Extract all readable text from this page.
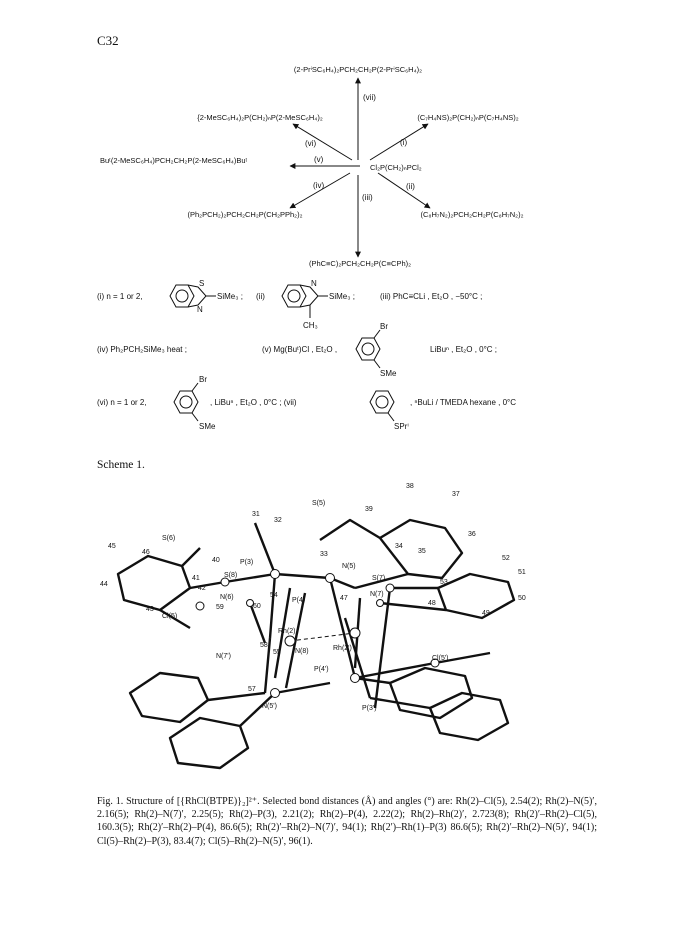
C32
(2-PrⁱSC₆H₄)₂PCH₂CH₂P(2-PrⁱSC₆H₄)₂
{2-MeSC₆H₄)₂P(CH₂)ₙP(2-MeSC₆H₄)₂	(C₇H₄NS)₂P(CH₂)ₙP(C₇H₄NS)₂
Buᵗ(2-MeSC₆H₄)PCH₂CH₂P(2-MeSC₆H₄)Buᵗ
Cl₂P(CH₂)ₙPCl₂
(Ph₂PCH₂)₂PCH₂CH₂P(CH₂PPh₂)₂	(C₈H₇N₂)₂PCH₂CH₂P(C₈H₇N₂)₂
(PhC≡C)₂PCH₂CH₂P(C≡CPh)₂
(vii)
(vi)	(i)
(v)
(iv)
(iii)
(ii)
(i) n = 1 or 2,
S
N
SiMe₃ ; (ii)
N
SiMe₃ ;
CH₃
(iii) PhC≡CLi , Et₂O , −50°C ;
(iv) Ph₂PCH₂SiMe₃ heat ;	(v) Mg(Buᵗ)Cl , Et₂O ,
Br
SMe
LiBuⁿ , Et₂O , 0°C ;
(vi) n = 1 or 2,
Br
SMe
, LiBuⁿ , Et₂O , 0°C ; (vii)
SPrⁱ
, ⁿBuLi / TMEDA hexane , 0°C
Scheme 1.
S(5)
S(6)
S(7)
S(8)
P(3)
P(4)
P(3')
P(4')
N(5)
N(6)	N(7)
N(8)
N(5')
N(7')
Cl(5)
Cl(5')
Rh(2)
Rh(2')
31
32
33
34
35
36
37
38
39
40
41
42
43
44
45
46
47
48
49
50
51
52
53
54
55
57
58
59	60
Fig. 1. Structure of [{RhCl(BTPE)}₂]²⁺. Selected bond distances (Å) and angles (°) are: Rh(2)–Cl(5), 2.54(2); Rh(2)–N(5)′, 2.16(5); Rh(2)–N(7)′, 2.25(5); Rh(2)–P(3), 2.21(2); Rh(2)–P(4), 2.22(2); Rh(2)–Rh(2)′, 2.723(8); Rh(2)′–Rh(2)–Cl(5), 160.3(5); Rh(2)′–Rh(2)–P(4), 86.6(5); Rh(2)′–Rh(2)–N(7)′, 94(1); Rh(2′)–Rh(1)–P(3) 86.6(5); Rh(2)′–Rh(2)–N(5)′, 94(1); Cl(5)–Rh(2)–P(3), 83.4(7); Cl(5)–Rh(2)–N(5)′, 96(1).
